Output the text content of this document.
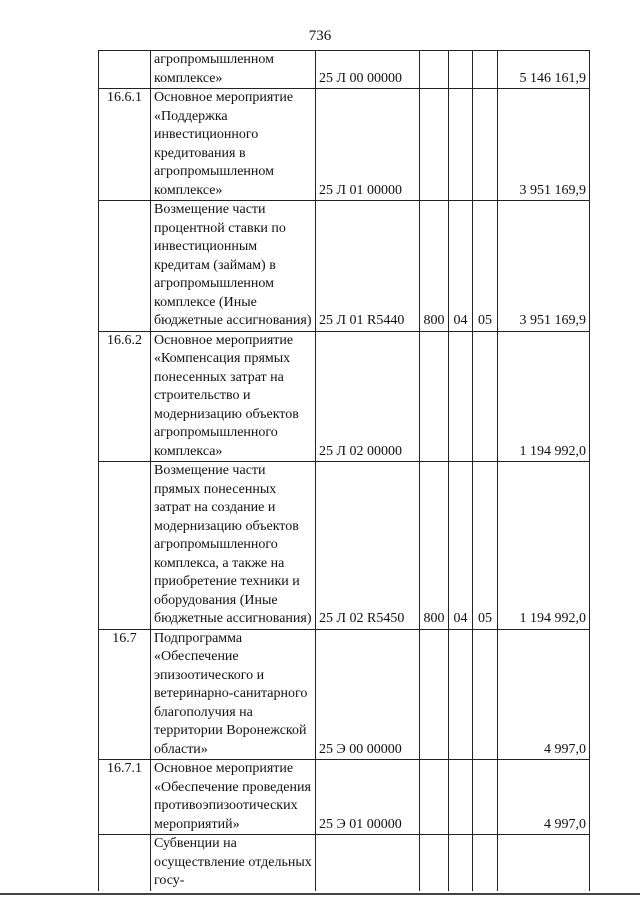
736
	агропромышленном комплексе»	25 Л 00 00000				5 146 161,9
16.6.1	Основное мероприятие «Поддержка инвестиционного кредитования в агропромышленном комплексе»	25 Л 01 00000				3 951 169,9
	Возмещение части процентной ставки по инвестиционным кредитам (займам) в агропромышленном комплексе (Иные бюджетные ассигнования)	25 Л 01 R5440	800	04	05	3 951 169,9
16.6.2	Основное мероприятие «Компенсация прямых понесенных затрат на строительство и модернизацию объектов агропромышленного комплекса»	25 Л 02 00000				1 194 992,0
	Возмещение части прямых понесенных затрат на создание и модернизацию объектов агропромышленного комплекса, а также на приобретение техники и оборудования (Иные бюджетные ассигнования)	25 Л 02 R5450	800	04	05	1 194 992,0
16.7	Подпрограмма «Обеспечение эпизоотического и ветеринарно-санитарного благополучия на территории Воронежской области»	25 Э 00 00000				4 997,0
16.7.1	Основное мероприятие «Обеспечение проведения противоэпизоотических мероприятий»	25 Э 01 00000				4 997,0
	Субвенции на осуществление отдельных госу-					
